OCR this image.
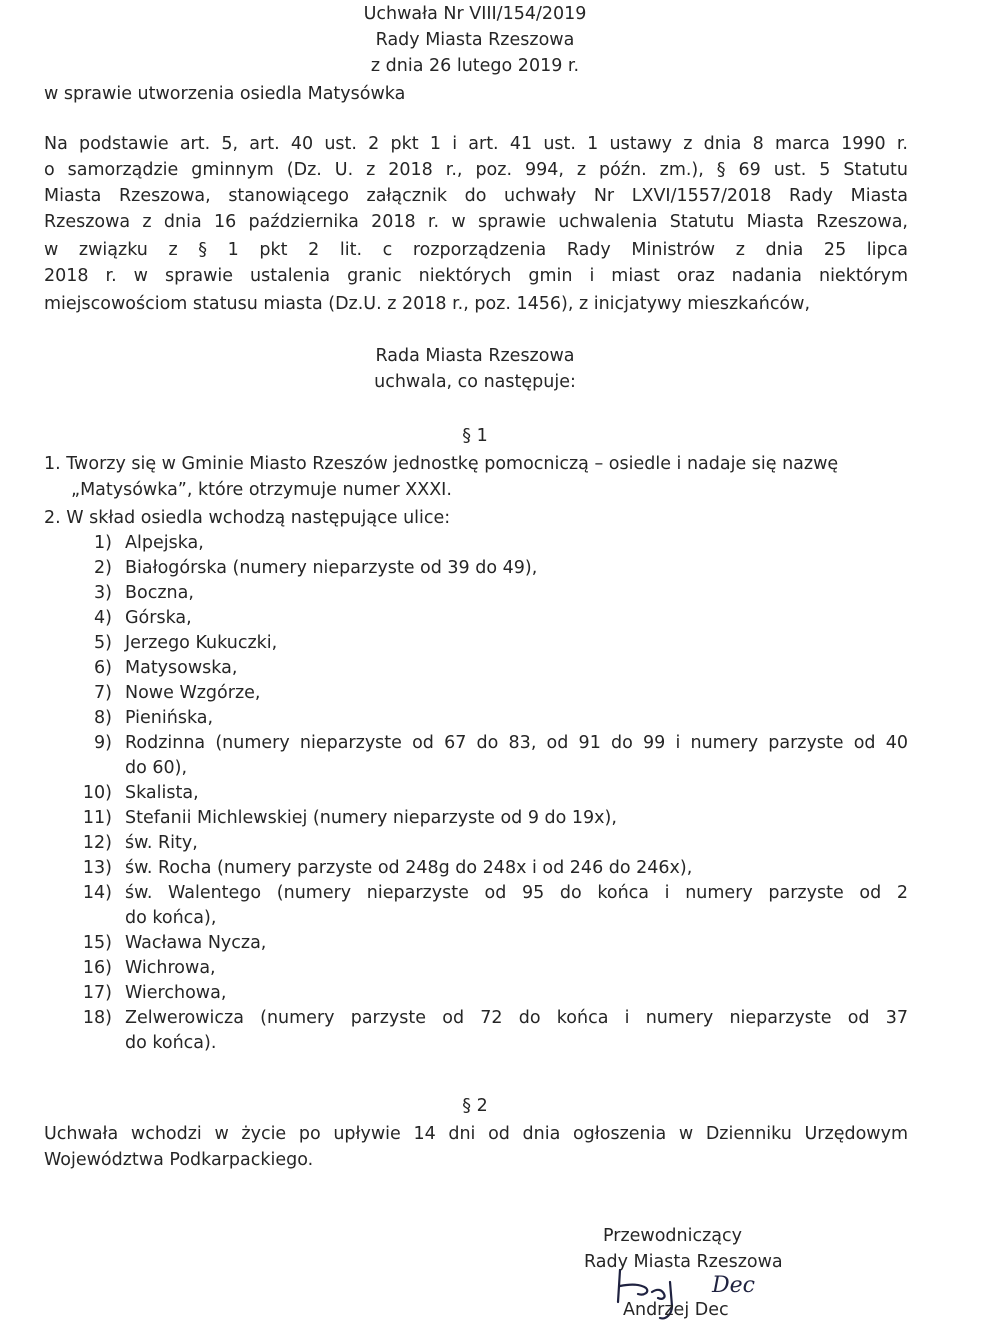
Uchwała Nr VIII/154/2019
Rady Miasta Rzeszowa
z dnia 26 lutego 2019 r.
w sprawie utworzenia osiedla Matysówka
Na podstawie art. 5, art. 40 ust. 2 pkt 1 i art. 41 ust. 1 ustawy z dnia 8 marca 1990 r.
o samorządzie gminnym (Dz. U. z 2018 r., poz. 994, z późn. zm.), § 69 ust. 5 Statutu
Miasta Rzeszowa, stanowiącego załącznik do uchwały Nr LXVI/1557/2018 Rady Miasta
Rzeszowa z dnia 16 października 2018 r. w sprawie uchwalenia Statutu Miasta Rzeszowa,
w związku z § 1 pkt 2 lit. c rozporządzenia Rady Ministrów z dnia 25 lipca
2018 r. w sprawie ustalenia granic niektórych gmin i miast oraz nadania niektórym
miejscowościom statusu miasta (Dz.U. z 2018 r., poz. 1456), z inicjatywy mieszkańców,
Rada Miasta Rzeszowa
uchwala, co następuje:
§ 1
1. Tworzy się w Gminie Miasto Rzeszów jednostkę pomocniczą – osiedle i nadaje się nazwę
„Matysówka”, które otrzymuje numer XXXI.
2. W skład osiedla wchodzą następujące ulice:
1) Alpejska,
2) Białogórska (numery nieparzyste od 39 do 49),
3) Boczna,
4) Górska,
5) Jerzego Kukuczki,
6) Matysowska,
7) Nowe Wzgórze,
8) Pienińska,
9) Rodzinna (numery nieparzyste od 67 do 83, od 91 do 99 i numery parzyste od 40
do 60),
10) Skalista,
11) Stefanii Michlewskiej (numery nieparzyste od 9 do 19x),
12) św. Rity,
13) św. Rocha (numery parzyste od 248g do 248x i od 246 do 246x),
14) św. Walentego (numery nieparzyste od 95 do końca i numery parzyste od 2
do końca),
15) Wacława Nycza,
16) Wichrowa,
17) Wierchowa,
18) Zelwerowicza (numery parzyste od 72 do końca i numery nieparzyste od 37
do końca).
§ 2
Uchwała wchodzi w życie po upływie 14 dni od dnia ogłoszenia w Dzienniku Urzędowym
Województwa Podkarpackiego.
Przewodniczący
Rady Miasta Rzeszowa
Dec
Andrzej Dec
